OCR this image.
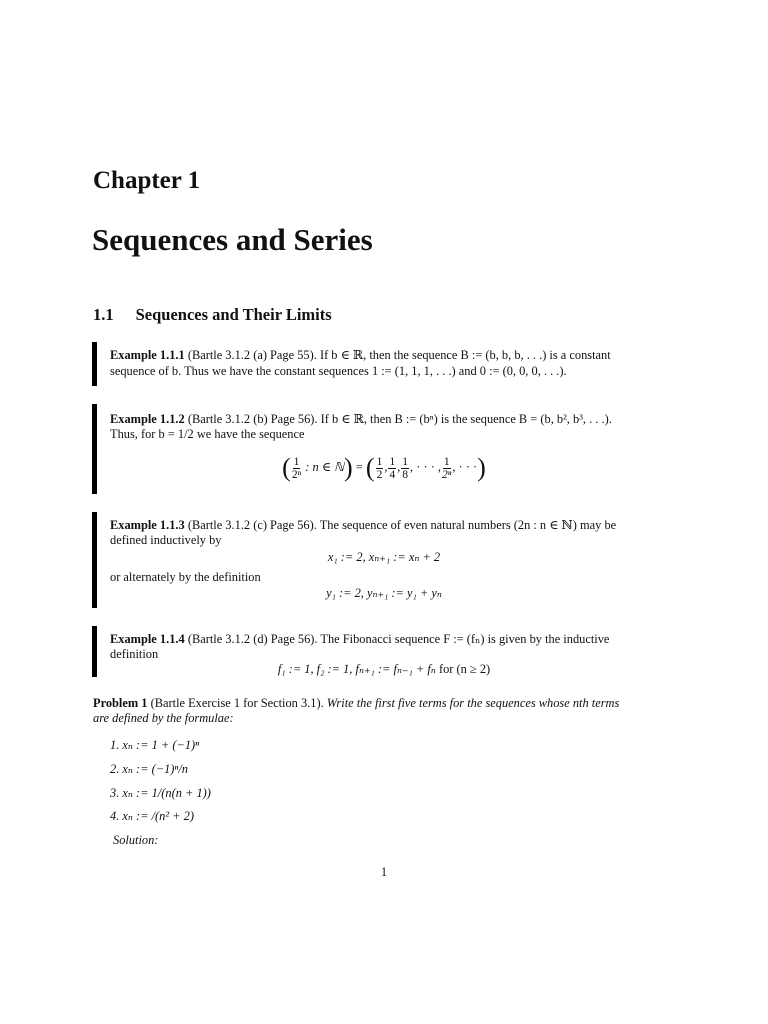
Chapter 1
Sequences and Series
1.1 Sequences and Their Limits
Example 1.1.1 (Bartle 3.1.2 (a) Page 55). If b ∈ ℝ, then the sequence B := (b, b, b, . . .) is a constant
sequence of b. Thus we have the constant sequences 1 := (1, 1, 1, . . .) and 0 := (0, 0, 0, . . .).
Example 1.1.2 (Bartle 3.1.2 (b) Page 56). If b ∈ ℝ, then B := (bⁿ) is the sequence B = (b, b², b³, . . .).
Thus, for b = 1/2 we have the sequence
( $\frac{1}{\text{2ⁿ}}$ : n ∈ ℕ) = ( $\frac{1}{2}$ , $\frac{1}{4}$ , $\frac{1}{8}$ , · · · , $\frac{1}{\text{2ⁿ}}$ , · · ·)
Example 1.1.3 (Bartle 3.1.2 (c) Page 56). The sequence of even natural numbers (2n : n ∈ ℕ) may be
defined inductively by
x₁ := 2, xₙ₊₁ := xₙ + 2
or alternately by the definition
y₁ := 2, yₙ₊₁ := y₁ + yₙ
Example 1.1.4 (Bartle 3.1.2 (d) Page 56). The Fibonacci sequence F := (fₙ) is given by the inductive
definition
f₁ := 1, f₂ := 1, fₙ₊₁ := fₙ₋₁ + fₙ for (n ≥ 2)
Problem 1 (Bartle Exercise 1 for Section 3.1). Write the first five terms for the sequences whose nth terms
are defined by the formulae:
1. xₙ := 1 + (−1)ⁿ
2. xₙ := (−1)ⁿ/n
3. xₙ := 1/(n(n + 1))
4. xₙ := /(n² + 2)
Solution:
1
